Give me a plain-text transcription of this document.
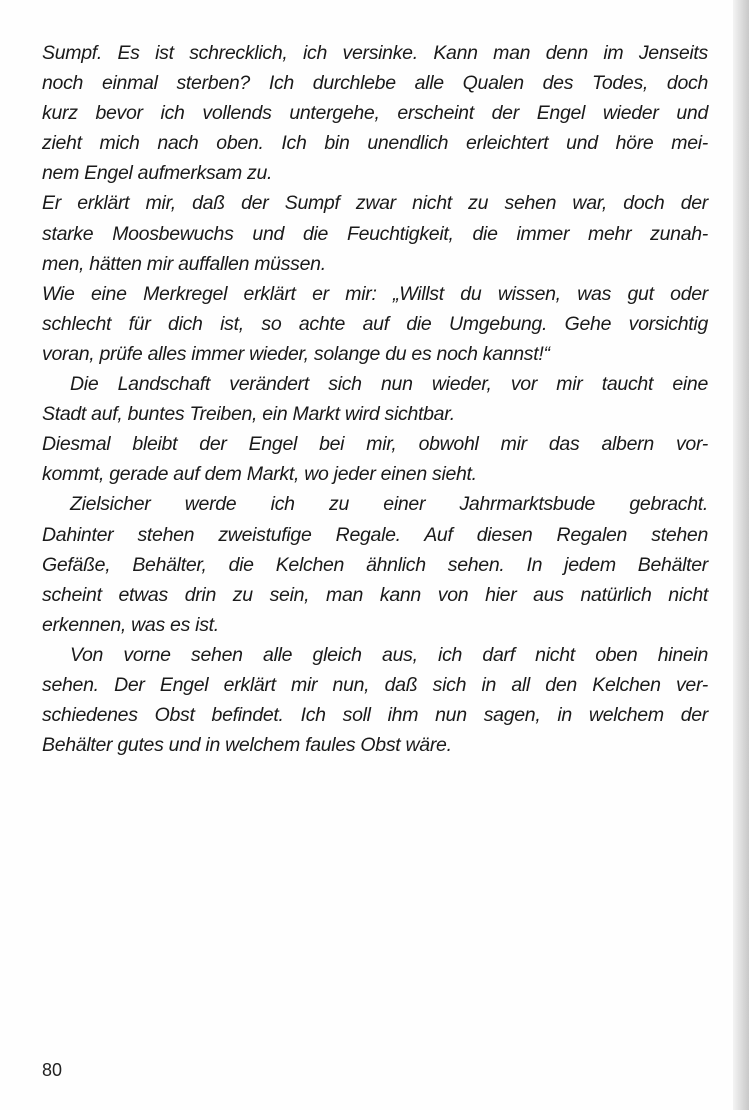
Sumpf. Es ist schrecklich, ich versinke. Kann man denn im Jenseits
noch einmal sterben? Ich durchlebe alle Qualen des Todes, doch
kurz bevor ich vollends untergehe, erscheint der Engel wieder und
zieht mich nach oben. Ich bin unendlich erleichtert und höre mei-
nem Engel aufmerksam zu.
Er erklärt mir, daß der Sumpf zwar nicht zu sehen war, doch der
starke Moosbewuchs und die Feuchtigkeit, die immer mehr zunah-
men, hätten mir auffallen müssen.
Wie eine Merkregel erklärt er mir: „Willst du wissen, was gut oder
schlecht für dich ist, so achte auf die Umgebung. Gehe vorsichtig
voran, prüfe alles immer wieder, solange du es noch kannst!“
Die Landschaft verändert sich nun wieder, vor mir taucht eine
Stadt auf, buntes Treiben, ein Markt wird sichtbar.
Diesmal bleibt der Engel bei mir, obwohl mir das albern vor-
kommt, gerade auf dem Markt, wo jeder einen sieht.
Zielsicher werde ich zu einer Jahrmarktsbude gebracht.
Dahinter stehen zweistufige Regale. Auf diesen Regalen stehen
Gefäße, Behälter, die Kelchen ähnlich sehen. In jedem Behälter
scheint etwas drin zu sein, man kann von hier aus natürlich nicht
erkennen, was es ist.
Von vorne sehen alle gleich aus, ich darf nicht oben hinein
sehen. Der Engel erklärt mir nun, daß sich in all den Kelchen ver-
schiedenes Obst befindet. Ich soll ihm nun sagen, in welchem der
Behälter gutes und in welchem faules Obst wäre.
80
